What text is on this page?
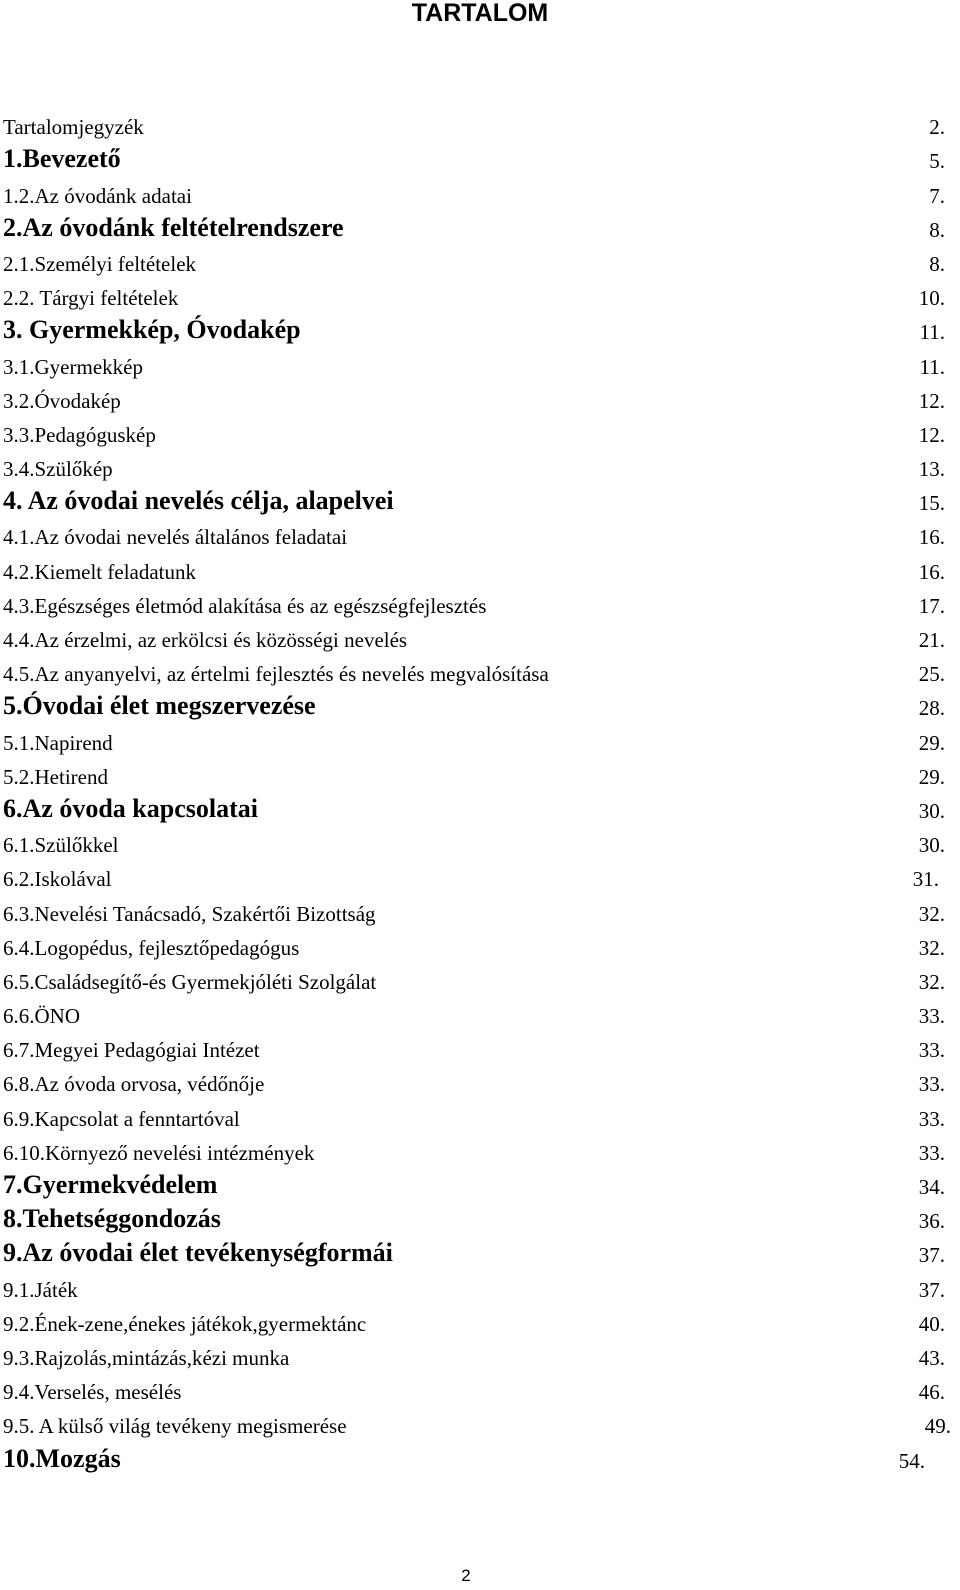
TARTALOM
Tartalomjegyzék	2.
1.Bevezető	5.
1.2.Az óvodánk adatai	7.
2.Az óvodánk feltételrendszere	8.
2.1.Személyi feltételek	8.
2.2. Tárgyi feltételek	10.
3. Gyermekkép, Óvodakép	11.
3.1.Gyermekkép	11.
3.2.Óvodakép	12.
3.3.Pedagóguskép	12.
3.4.Szülőkép	13.
4. Az óvodai nevelés célja, alapelvei	15.
4.1.Az óvodai nevelés általános feladatai	16.
4.2.Kiemelt feladatunk	16.
4.3.Egészséges életmód alakítása és az egészségfejlesztés	17.
4.4.Az érzelmi, az erkölcsi és közösségi nevelés	21.
4.5.Az anyanyelvi, az értelmi fejlesztés és nevelés megvalósítása	25.
5.Óvodai élet megszervezése	28.
5.1.Napirend	29.
5.2.Hetirend	29.
6.Az óvoda kapcsolatai	30.
6.1.Szülőkkel	30.
6.2.Iskolával	31.
6.3.Nevelési Tanácsadó, Szakértői Bizottság	32.
6.4.Logopédus, fejlesztőpedagógus	32.
6.5.Családsegítő-és Gyermekjóléti Szolgálat	32.
6.6.ÖNO	33.
6.7.Megyei Pedagógiai Intézet	33.
6.8.Az óvoda orvosa, védőnője	33.
6.9.Kapcsolat a fenntartóval	33.
6.10.Környező nevelési intézmények	33.
7.Gyermekvédelem	34.
8.Tehetséggondozás	36.
9.Az óvodai élet tevékenységformái	37.
9.1.Játék	37.
9.2.Ének-zene,énekes játékok,gyermektánc	40.
9.3.Rajzolás,mintázás,kézi munka	43.
9.4.Verselés, mesélés	46.
9.5. A külső világ tevékeny megismerése	49.
10.Mozgás	54.
2
